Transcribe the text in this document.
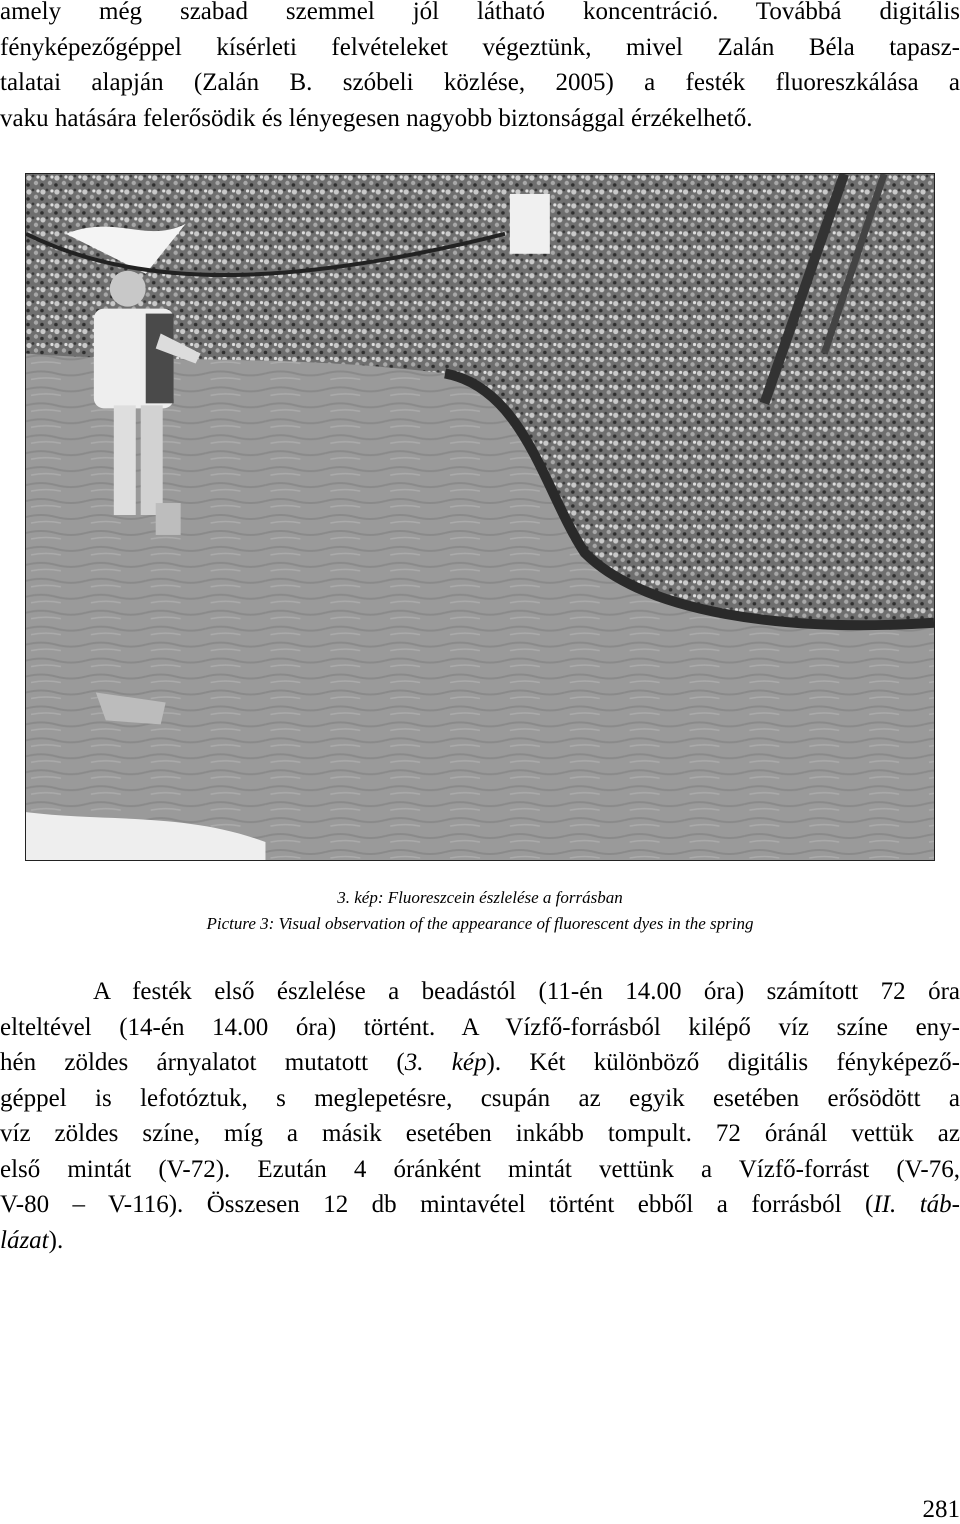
amely még szabad szemmel jól látható koncentráció. Továbbá digitális
fényképezőgéppel kísérleti felvételeket végeztünk, mivel Zalán Béla tapasz-
talatai alapján (Zalán B. szóbeli közlése, 2005) a festék fluoreszkálása a
vaku hatására felerősödik és lényegesen nagyobb biztonsággal érzékelhető.
3. kép: Fluoreszcein észlelése a forrásban
Picture 3: Visual observation of the appearance of fluorescent dyes in the spring
A festék első észlelése a beadástól (11-én 14.00 óra) számított 72 óra
elteltével (14-én 14.00 óra) történt. A Vízfő-forrásból kilépő víz színe eny-
hén zöldes árnyalatot mutatott (3. kép). Két különböző digitális fényképező-
géppel is lefotóztuk, s meglepetésre, csupán az egyik esetében erősödött a
víz zöldes színe, míg a másik esetében inkább tompult. 72 óránál vettük az
első mintát (V-72). Ezután 4 óránként mintát vettünk a Vízfő-forrást (V-76,
V-80 – V-116). Összesen 12 db mintavétel történt ebből a forrásból (II. táb-
lázat).
281
